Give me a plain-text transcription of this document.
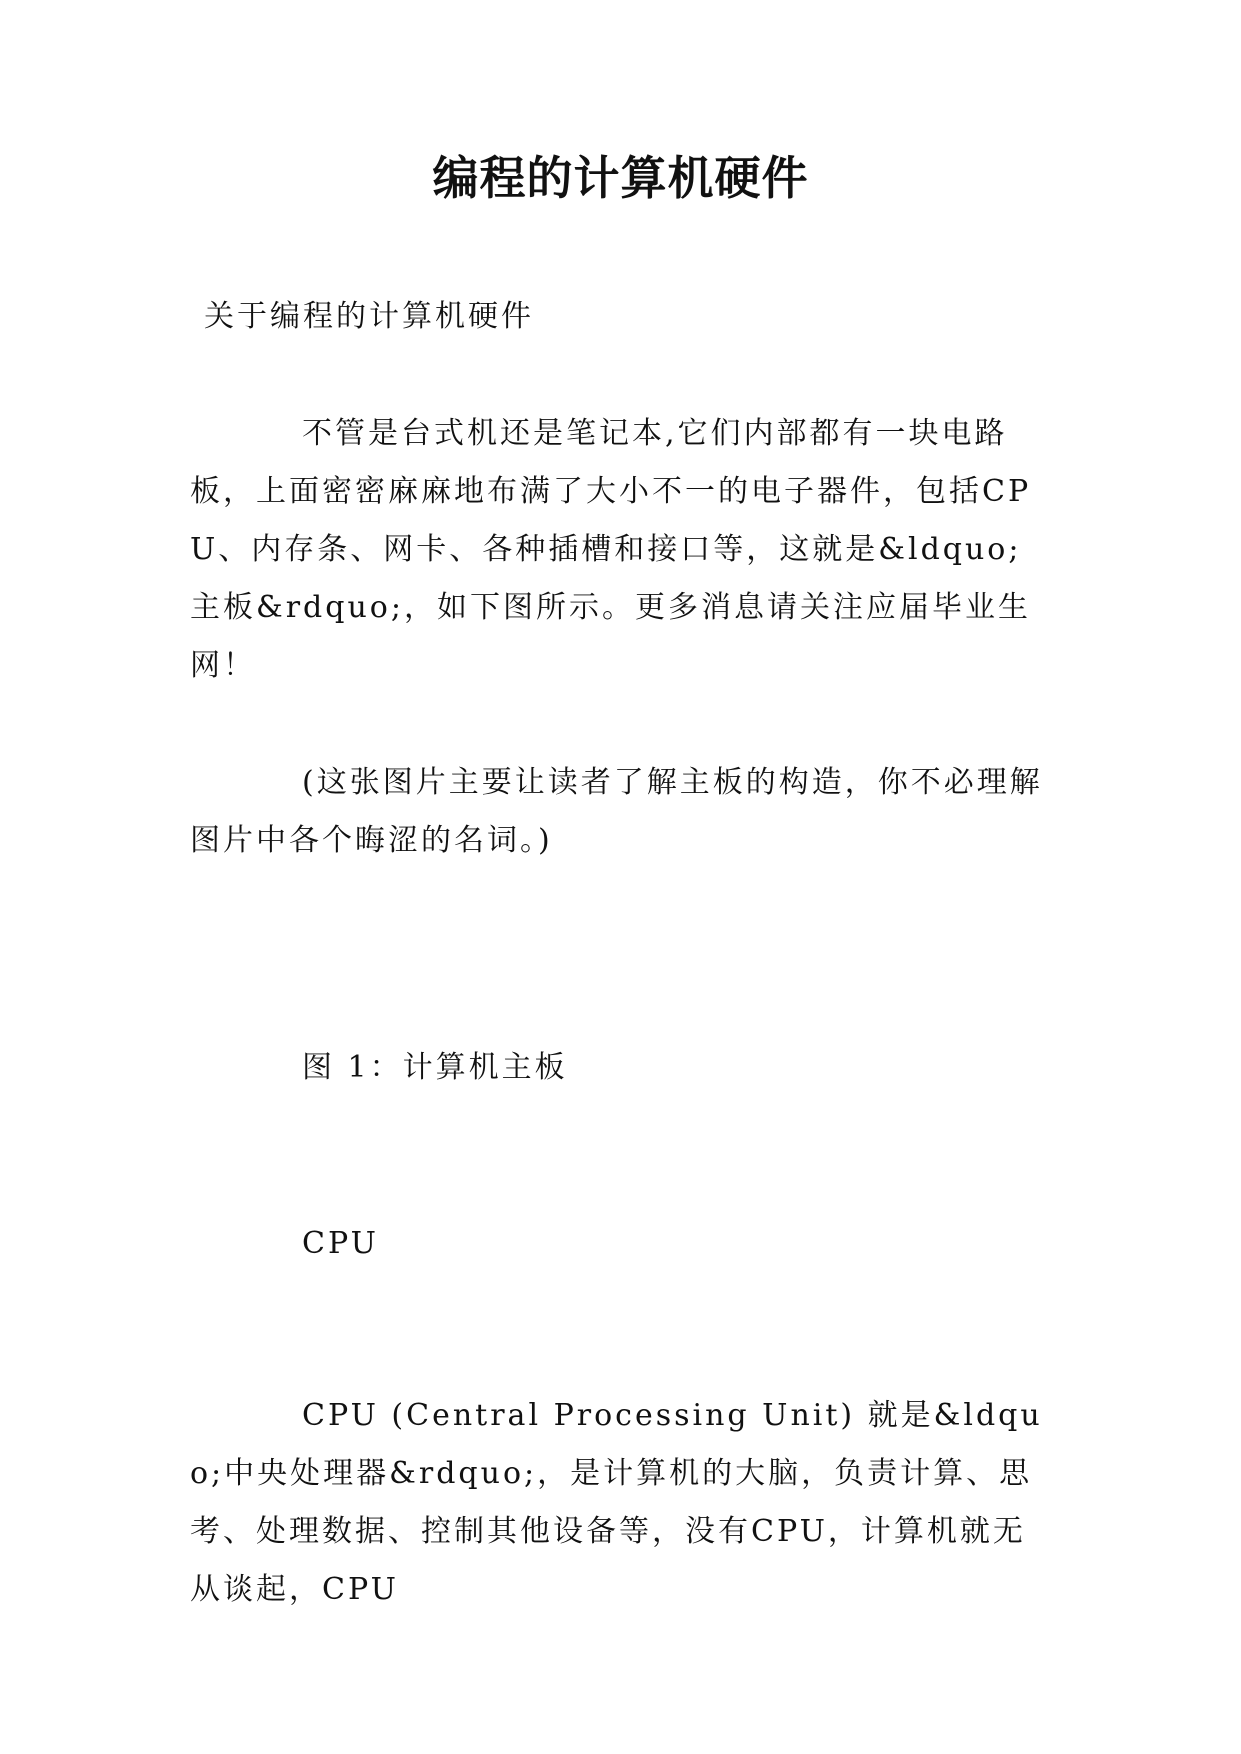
编程的计算机硬件
关于编程的计算机硬件
不管是台式机还是笔记本,它们内部都有一块电路板，上面密密麻麻地布满了大小不一的电子器件，包括CPU、内存条、网卡、各种插槽和接口等，这就是&ldquo;主板&rdquo;，如下图所示。更多消息请关注应届毕业生网！
(这张图片主要让读者了解主板的构造，你不必理解图片中各个晦涩的名词。)
图 1：计算机主板
CPU
CPU (Central Processing Unit) 就是&ldquo;中央处理器&rdquo;，是计算机的大脑，负责计算、思考、处理数据、控制其他设备等，没有CPU，计算机就无从谈起，CPU
